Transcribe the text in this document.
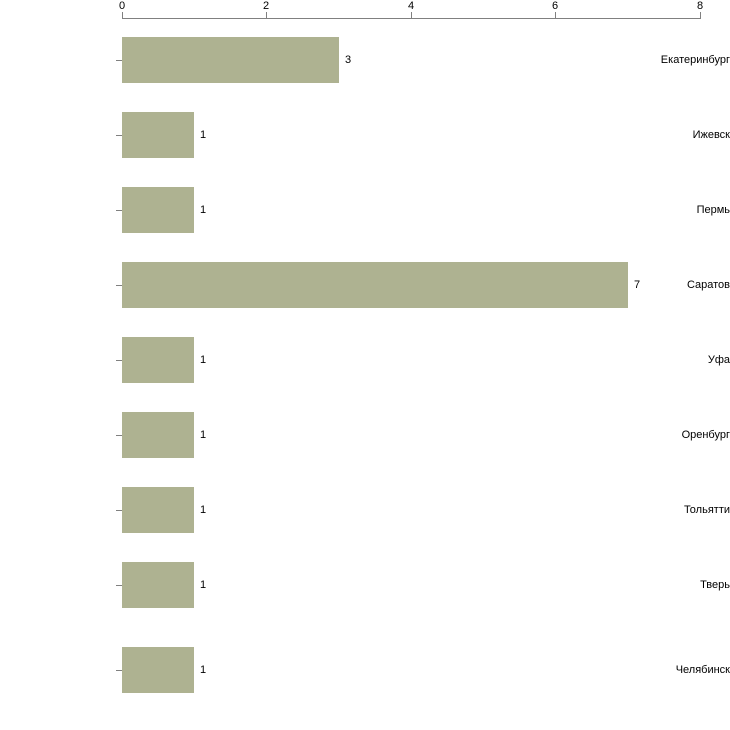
0	2	4	6	8
Екатеринбург
3
Ижевск
1
Пермь
1
Саратов
7
Уфа
1
Оренбург
1
Тольятти
1
Тверь
1
Челябинск
1
